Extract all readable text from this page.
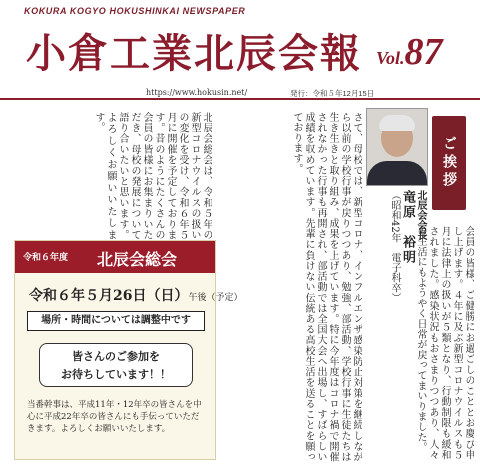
KOKURA KOGYO HOKUSHINKAI NEWSPAPER
小倉工業北辰会報 Vol.87
https://www.hokusin.net/	発行：令和５年12月15日
ご挨拶
北辰会会長
竜原　裕明
（昭和42年　電子科卒）	会員の皆様、ご健勝にお過ごしのこととお慶び申し上げます。４年に及ぶ新型コロナウイルスも５月に法律上の扱いが５類となり、行動制限も緩和されました。感染状況もおさまりつつあり、人々の生活にもようやく日常が戻ってまいりました。
さて、母校では、新型コロナ、インフルエンザ感染防止対策を継続しながら以前の学校行事が戻りつつあり、勉強、部活動、学校行事に生徒たちは生き生きと取り組み、成果を上げています。特に今年度はコロナ禍で開催されなかった行事も再開され、部活動では全国大会へ出場し、すばらしい成績を収めています。先輩に負けない伝統ある高校生活を送ることを願っております。
北辰会総会は、令和５年の新型コロナウイルスの扱いの変化を受け、令和６年５月に開催を予定しております。昔のようにたくさんの会員の皆様にお集まりいただき、母校の発展について語り合いたいと思います。よろしくお願いいたします。
令和６年度 北辰会総会
令和６年５月26日（日）午後（予定）
場所・時間については調整中です
皆さんのご参加を
お待ちしています！！
当番幹事は、平成11年・12年卒の皆さんを中心に平成22年卒の皆さんにも手伝っていただきます。よろしくお願いいたします。
